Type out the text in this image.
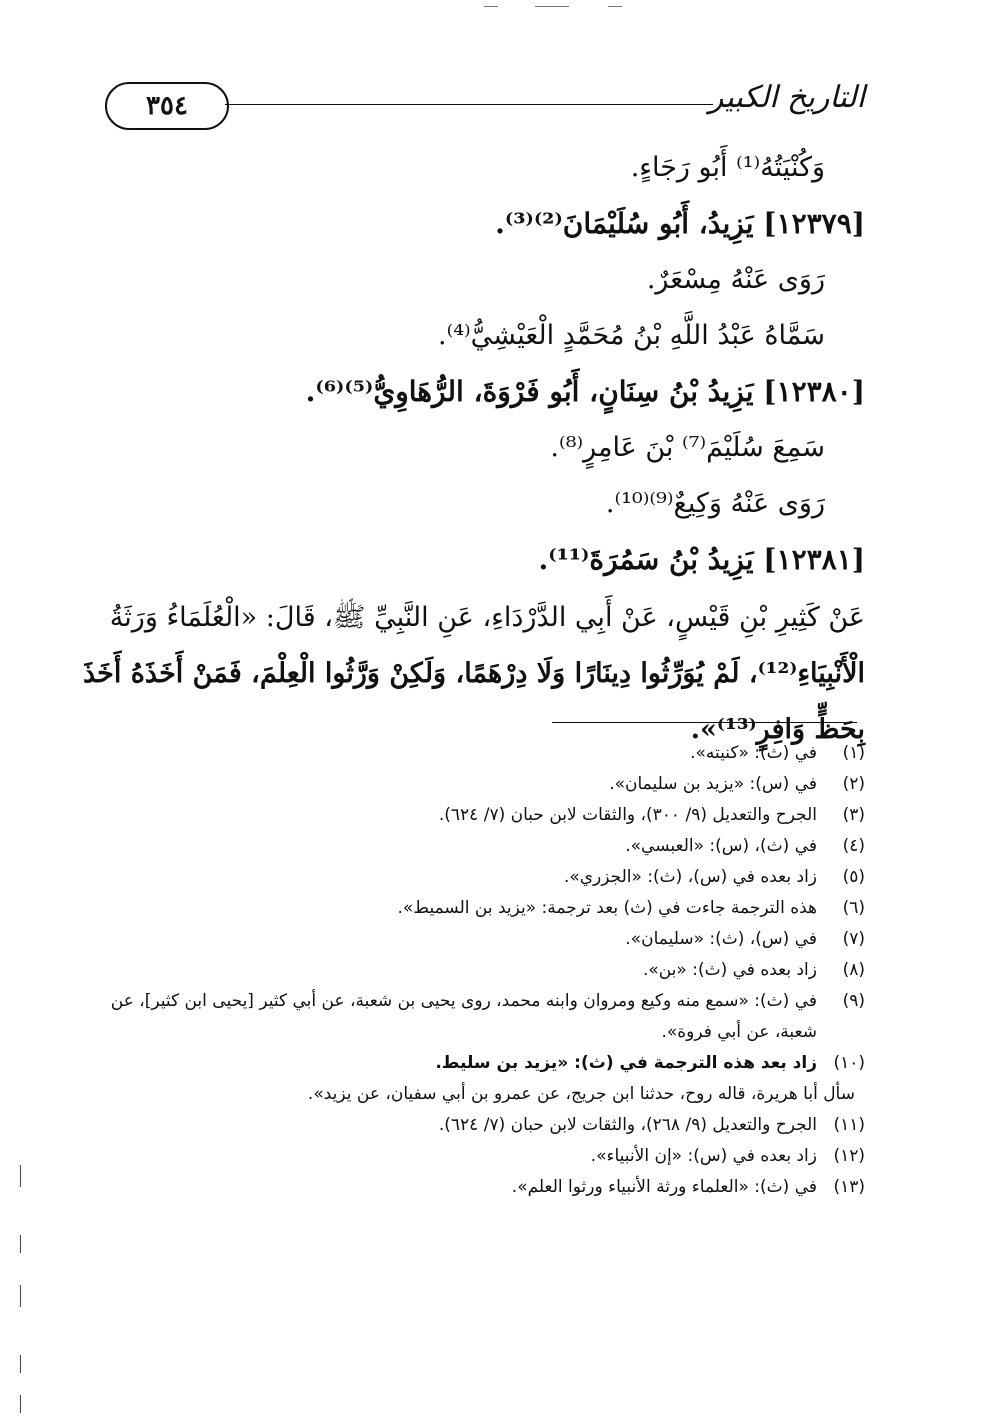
التاريخ الكبير
٣٥٤
وَكُنْيَتُهُ⁽¹⁾ أَبُو رَجَاءٍ.
[١٢٣٧٩] يَزِيدُ، أَبُو سُلَيْمَانَ⁽²⁾⁽³⁾.
رَوَى عَنْهُ مِسْعَرٌ.
سَمَّاهُ عَبْدُ اللَّهِ بْنُ مُحَمَّدٍ الْعَيْشِيُّ⁽⁴⁾.
[١٢٣٨٠] يَزِيدُ بْنُ سِنَانٍ، أَبُو فَرْوَةَ، الرُّهَاوِيُّ⁽⁵⁾⁽⁶⁾.
سَمِعَ سُلَيْمَ⁽⁷⁾ بْنَ عَامِرٍ⁽⁸⁾.
رَوَى عَنْهُ وَكِيعٌ⁽⁹⁾⁽¹⁰⁾.
[١٢٣٨١] يَزِيدُ بْنُ سَمُرَةَ⁽¹¹⁾.
عَنْ كَثِيرِ بْنِ قَيْسٍ، عَنْ أَبِي الدَّرْدَاءِ، عَنِ النَّبِيِّ ﷺ، قَالَ: «الْعُلَمَاءُ وَرَثَةُ
الْأَنْبِيَاءِ⁽¹²⁾، لَمْ يُوَرِّثُوا دِينَارًا وَلَا دِرْهَمًا، وَلَكِنْ وَرَّثُوا الْعِلْمَ، فَمَنْ أَخَذَهُ أَخَذَ
بِحَظٍّ وَافِرٍ⁽¹³⁾».
(١)
في (ث): «كنيته».
(٢)
في (س): «يزيد بن سليمان».
(٣)
الجرح والتعديل (٩/ ٣٠٠)، والثقات لابن حبان (٧/ ٦٢٤).
(٤)
في (ث)، (س): «العبسي».
(٥)
زاد بعده في (س)، (ث): «الجزري».
(٦)
هذه الترجمة جاءت في (ث) بعد ترجمة: «يزيد بن السميط».
(٧)
في (س)، (ث): «سليمان».
(٨)
زاد بعده في (ث): «بن».
(٩)
في (ث): «سمع منه وكيع ومروان وابنه محمد، روى يحيى بن شعبة، عن أبي كثير [يحيى ابن كثير]، عن شعبة، عن أبي فروة».
(١٠)
زاد بعد هذه الترجمة في (ث): «يزيد بن سليط.
سأل أبا هريرة، قاله روح، حدثنا ابن جريج، عن عمرو بن أبي سفيان، عن يزيد».
(١١)
الجرح والتعديل (٩/ ٢٦٨)، والثقات لابن حبان (٧/ ٦٢٤).
(١٢)
زاد بعده في (س): «إن الأنبياء».
(١٣)
في (ث): «العلماء ورثة الأنبياء ورثوا العلم».
